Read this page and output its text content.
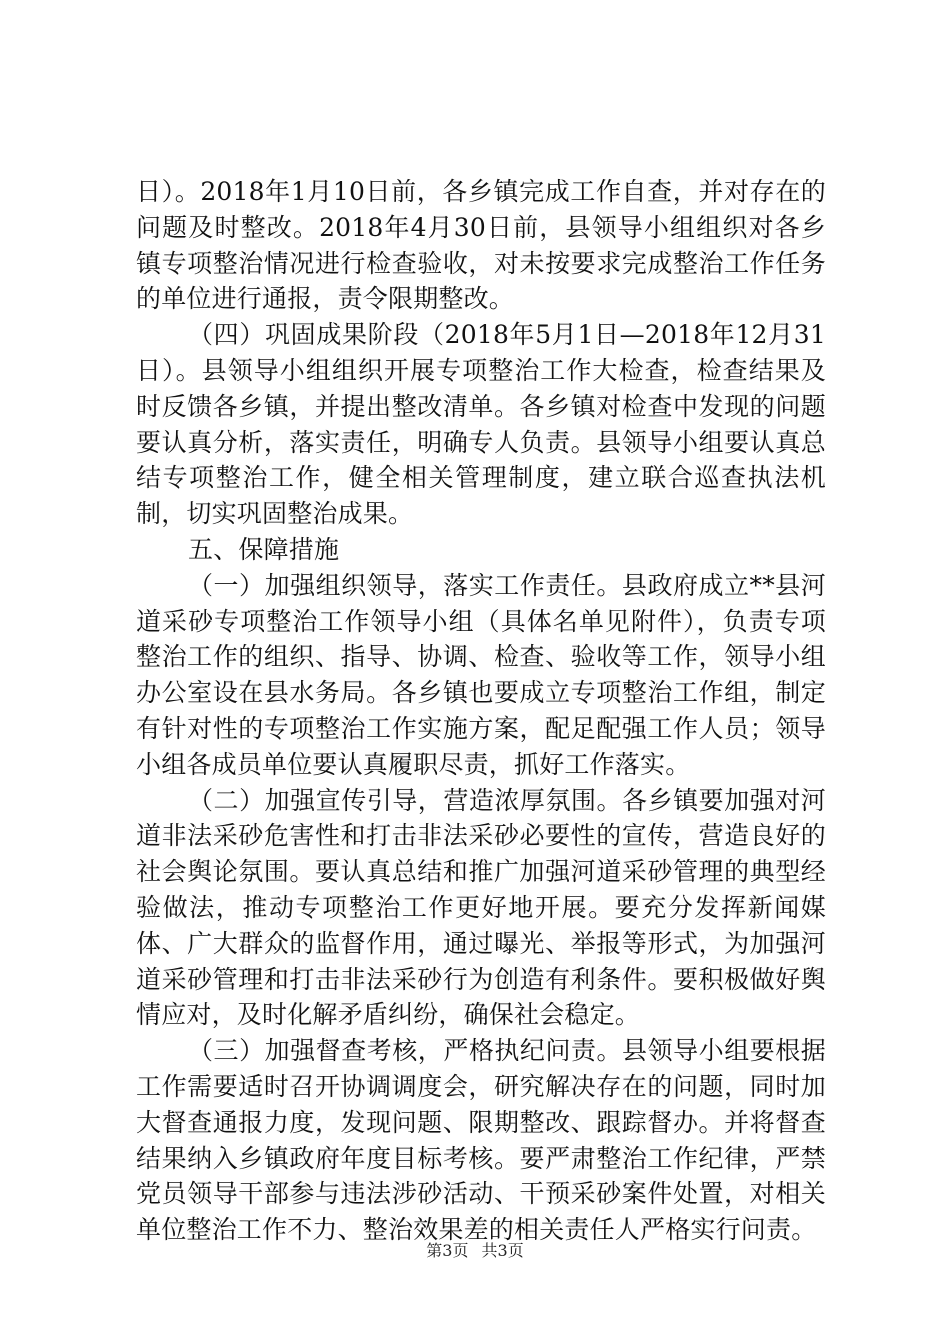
日）。2018年1月10日前，各乡镇完成工作自查，并对存在的问题及时整改。2018年4月30日前，县领导小组组织对各乡镇专项整治情况进行检查验收，对未按要求完成整治工作任务的单位进行通报，责令限期整改。

（四）巩固成果阶段（2018年5月1日—2018年12月31日）。县领导小组组织开展专项整治工作大检查，检查结果及时反馈各乡镇，并提出整改清单。各乡镇对检查中发现的问题要认真分析，落实责任，明确专人负责。县领导小组要认真总结专项整治工作，健全相关管理制度，建立联合巡查执法机制，切实巩固整治成果。

五、保障措施

（一）加强组织领导，落实工作责任。县政府成立**县河道采砂专项整治工作领导小组（具体名单见附件），负责专项整治工作的组织、指导、协调、检查、验收等工作，领导小组办公室设在县水务局。各乡镇也要成立专项整治工作组，制定有针对性的专项整治工作实施方案，配足配强工作人员；领导小组各成员单位要认真履职尽责，抓好工作落实。

（二）加强宣传引导，营造浓厚氛围。各乡镇要加强对河道非法采砂危害性和打击非法采砂必要性的宣传，营造良好的社会舆论氛围。要认真总结和推广加强河道采砂管理的典型经验做法，推动专项整治工作更好地开展。要充分发挥新闻媒体、广大群众的监督作用，通过曝光、举报等形式，为加强河道采砂管理和打击非法采砂行为创造有利条件。要积极做好舆情应对，及时化解矛盾纠纷，确保社会稳定。

（三）加强督查考核，严格执纪问责。县领导小组要根据工作需要适时召开协调调度会，研究解决存在的问题，同时加大督查通报力度，发现问题、限期整改、跟踪督办。并将督查结果纳入乡镇政府年度目标考核。要严肃整治工作纪律，严禁党员领导干部参与违法涉砂活动、干预采砂案件处置，对相关单位整治工作不力、整治效果差的相关责任人严格实行问责。

第3页 共3页
